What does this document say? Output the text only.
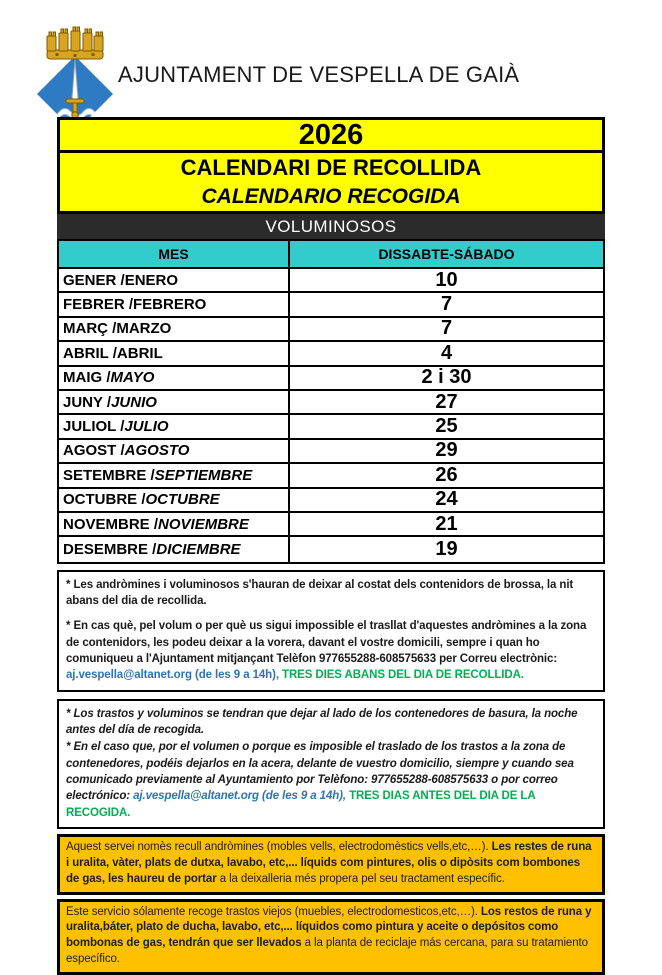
AJUNTAMENT DE VESPELLA DE GAIÀ
2026
CALENDARI DE RECOLLIDA
CALENDARIO RECOGIDA
VOLUMINOSOS
MES	DISSABTE-SÁBADO
GENER / ENERO	10
FEBRER / FEBRERO	7
MARÇ / MARZO	7
ABRIL / ABRIL	4
MAIG / MAYO	2 i 30
JUNY / JUNIO	27
JULIOL / JULIO	25
AGOST / AGOSTO	29
SETEMBRE / SEPTIEMBRE	26
OCTUBRE / OCTUBRE	24
NOVEMBRE / NOVIEMBRE	21
DESEMBRE / DICIEMBRE	19

* Les andròmines i voluminosos s'hauran de deixar al costat dels contenidors de brossa, la nit abans del dia de recollida.

* En cas què, pel volum o per què us sigui impossible el trasllat d'aquestes andròmines a la zona de contenidors, les podeu deixar a la vorera, davant el vostre domicili, sempre i quan ho comuniqueu a l'Ajuntament mitjançant Telèfon 977655288-608575633 per Correu electrònic: aj.vespella@altanet.org (de les 9 a 14h), TRES DIES ABANS DEL DIA DE RECOLLIDA.

* Los trastos y voluminos se tendran que dejar al lado de los contenedores de basura, la noche antes del día de recogida.

* En el caso que, por el volumen o porque es imposible el traslado de los trastos a la zona de contenedores, podéis dejarlos en la acera, delante de vuestro domicilio, siempre y cuando sea comunicado previamente al Ayuntamiento por Telèfono: 977655288-608575633 o por correo electrónico: aj.vespella@altanet.org (de les 9 a 14h), TRES DIAS ANTES DEL DIA DE LA RECOGIDA.

Aquest servei nomès recull andròmines (mobles vells, electrodomèstics vells,etc,…). Les restes de runa i uralita, vàter, plats de dutxa, lavabo, etc,... líquids com pintures, olis o dipòsits com bombones de gas, les haureu de portar a la deixalleria més propera pel seu tractament específic.
Este servicio sólamente recoge trastos viejos (muebles, electrodomesticos,etc,…). Los restos de runa y uralita,báter, plato de ducha, lavabo, etc,... líquidos como pintura y aceite o depósitos como bombonas de gas, tendrán que ser llevados a la planta de reciclaje más cercana, para su tratamiento específico.
